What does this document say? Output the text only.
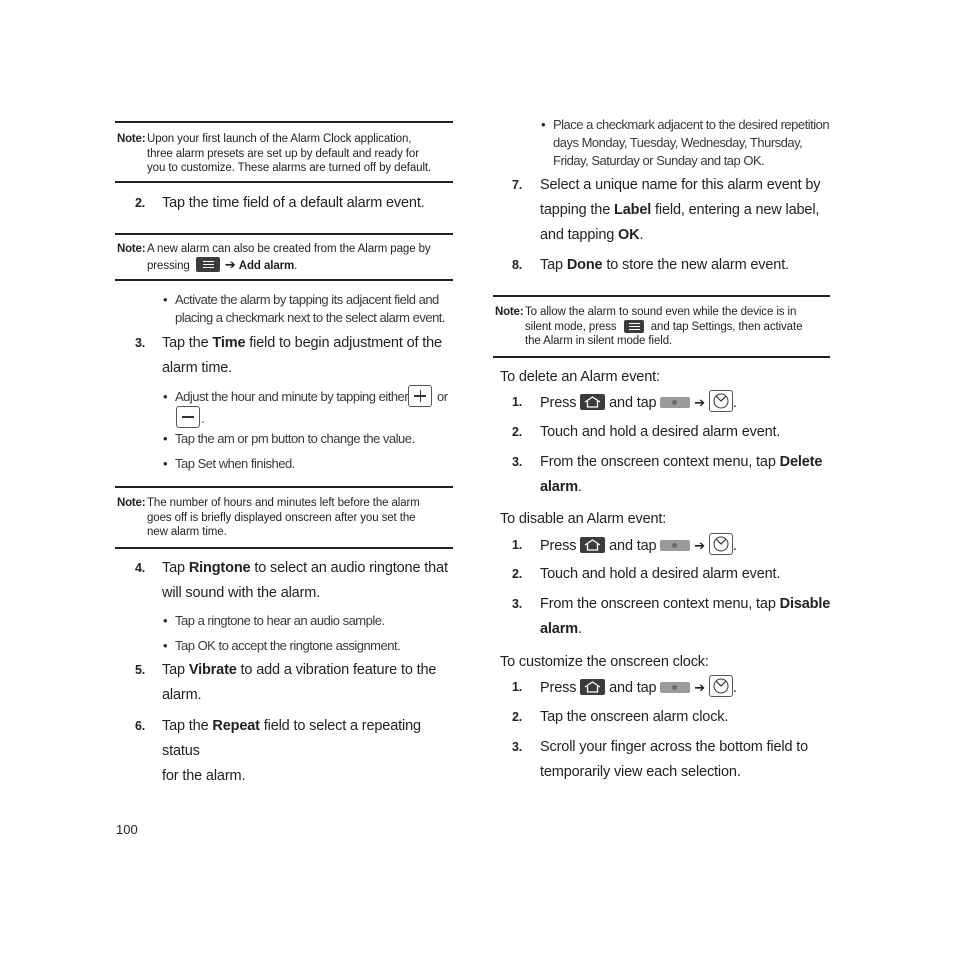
Note: Upon your first launch of the Alarm Clock application,
three alarm presets are set up by default and ready for
you to customize. These alarms are turned off by default.
2. Tap the time field of a default alarm event.
Note: A new alarm can also be created from the Alarm page by
pressing	➔ Add alarm.
• Activate the alarm by tapping its adjacent field and
placing a checkmark next to the select alarm event.
3. Tap the Time field to begin adjustment of the
alarm time.
• Adjust the hour and minute by tapping either or
.
• Tap the am or pm button to change the value.
• Tap Set when finished.
Note: The number of hours and minutes left before the alarm
goes off is briefly displayed onscreen after you set the
new alarm time.
4. Tap Ringtone to select an audio ringtone that
will sound with the alarm.
• Tap a ringtone to hear an audio sample.
• Tap OK to accept the ringtone assignment.
5. Tap Vibrate to add a vibration feature to the
alarm.
6. Tap the Repeat field to select a repeating status
for the alarm.
• Place a checkmark adjacent to the desired repetition
days Monday, Tuesday, Wednesday, Thursday,
Friday, Saturday or Sunday and tap OK.
7. Select a unique name for this alarm event by
tapping the Label field, entering a new label,
and tapping OK.
8. Tap Done to store the new alarm event.
Note: To allow the alarm to sound even while the device is in
silent mode, press	and tap Settings, then activate
the Alarm in silent mode field.
To delete an Alarm event:
1. Press and tap	➔ .
2. Touch and hold a desired alarm event.
3. From the onscreen context menu, tap Delete
alarm.
To disable an Alarm event:
1. Press and tap	➔ .
2. Touch and hold a desired alarm event.
3. From the onscreen context menu, tap Disable
alarm.
To customize the onscreen clock:
1. Press and tap	➔ .
2. Tap the onscreen alarm clock.
3. Scroll your finger across the bottom field to
temporarily view each selection.
100
